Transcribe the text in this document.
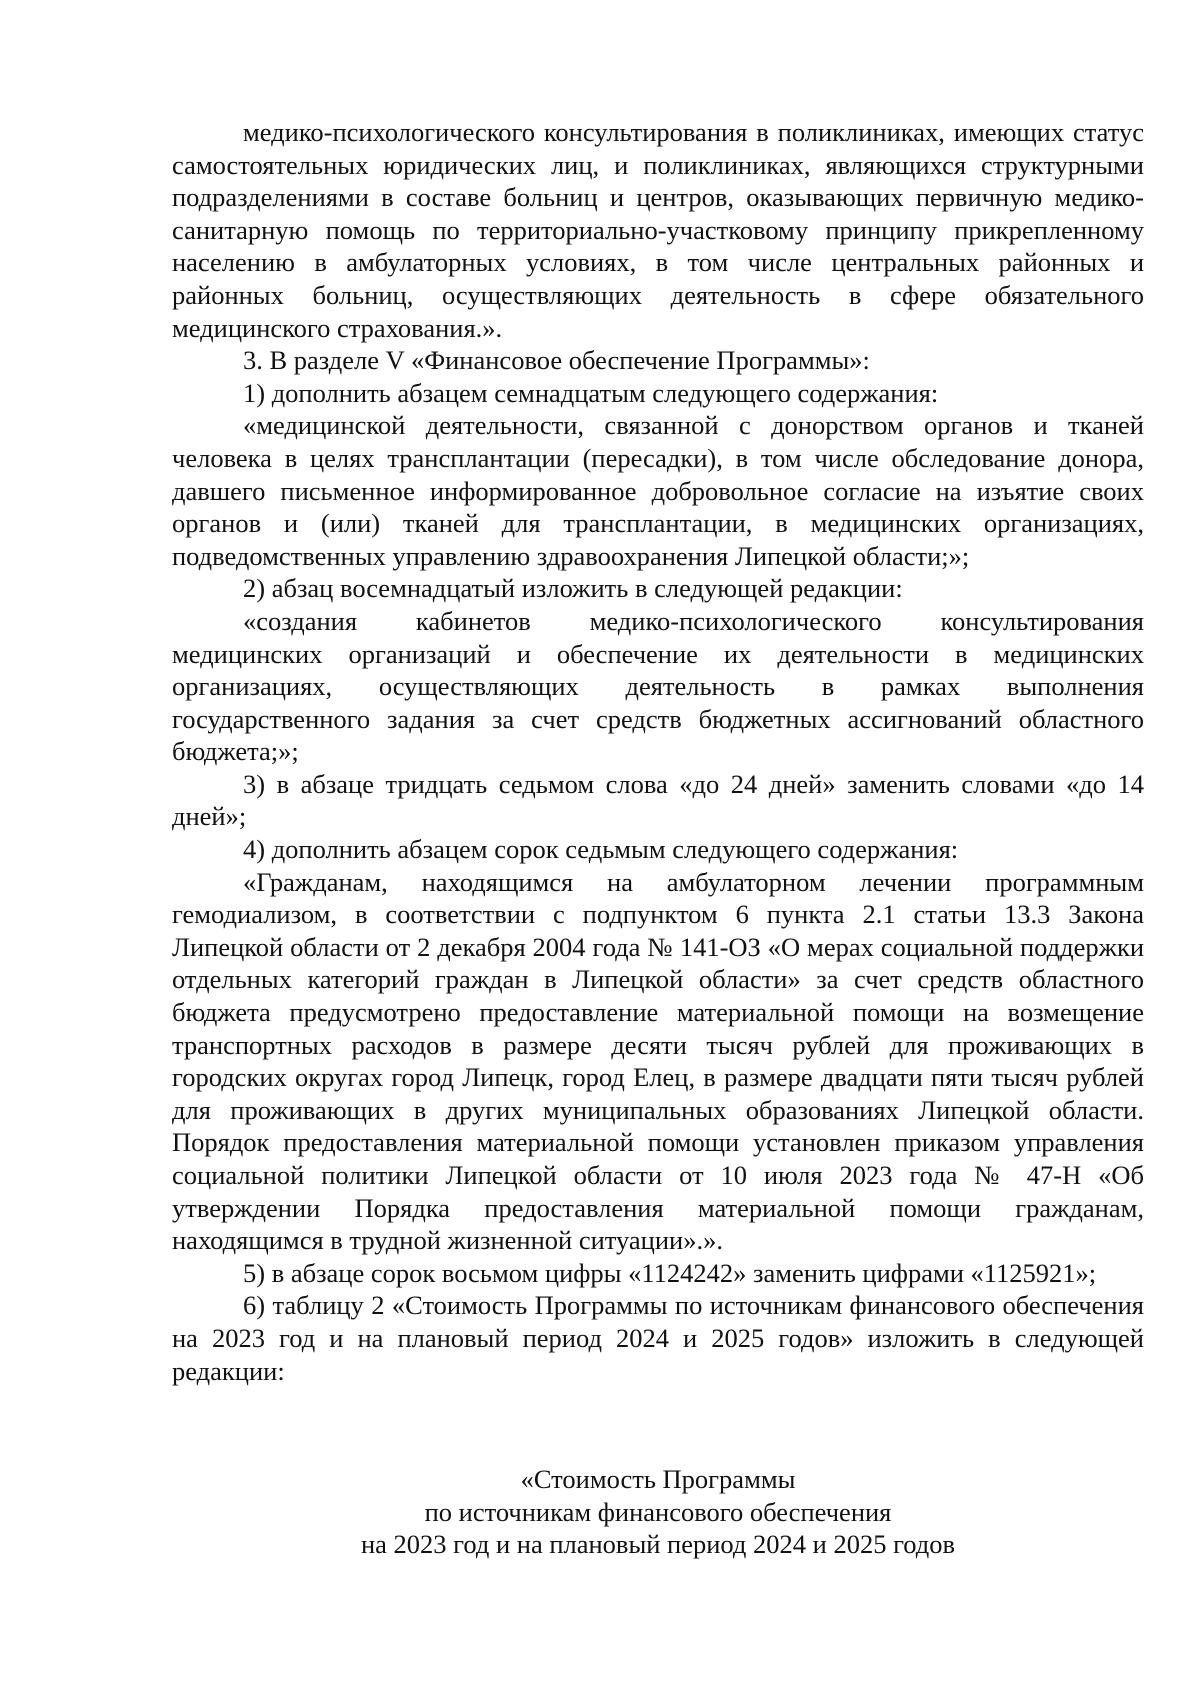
медико-психологического консультирования в поликлиниках, имеющих статус самостоятельных юридических лиц, и поликлиниках, являющихся структурными подразделениями в составе больниц и центров, оказывающих первичную медико-санитарную помощь по территориально-участковому принципу прикрепленному населению в амбулаторных условиях, в том числе центральных районных и районных больниц, осуществляющих деятельность в сфере обязательного медицинского страхования.».

3. В разделе V «Финансовое обеспечение Программы»:

1) дополнить абзацем семнадцатым следующего содержания:

«медицинской деятельности, связанной с донорством органов и тканей человека в целях трансплантации (пересадки), в том числе обследование донора, давшего письменное информированное добровольное согласие на изъятие своих органов и (или) тканей для трансплантации, в медицинских организациях, подведомственных управлению здравоохранения Липецкой области;»;

2) абзац восемнадцатый изложить в следующей редакции:

«создания кабинетов медико-психологического консультирования медицинских организаций и обеспечение их деятельности в медицинских организациях, осуществляющих деятельность в рамках выполнения государственного задания за счет средств бюджетных ассигнований областного бюджета;»;

3) в абзаце тридцать седьмом слова «до 24 дней» заменить словами «до 14 дней»;

4) дополнить абзацем сорок седьмым следующего содержания:

«Гражданам, находящимся на амбулаторном лечении программным гемодиализом, в соответствии с подпунктом 6 пункта 2.1 статьи 13.3 Закона Липецкой области от 2 декабря 2004 года № 141-ОЗ «О мерах социальной поддержки отдельных категорий граждан в Липецкой области» за счет средств областного бюджета предусмотрено предоставление материальной помощи на возмещение транспортных расходов в размере десяти тысяч рублей для проживающих в городских округах город Липецк, город Елец, в размере двадцати пяти тысяч рублей для проживающих в других муниципальных образованиях Липецкой области. Порядок предоставления материальной помощи установлен приказом управления социальной политики Липецкой области от 10 июля 2023 года № 47-Н «Об утверждении Порядка предоставления материальной помощи гражданам, находящимся в трудной жизненной ситуации».».

5) в абзаце сорок восьмом цифры «1124242» заменить цифрами «1125921»;

6) таблицу 2 «Стоимость Программы по источникам финансового обеспечения на 2023 год и на плановый период 2024 и 2025 годов» изложить в следующей редакции:

«Стоимость Программы
по источникам финансового обеспечения
на 2023 год и на плановый период 2024 и 2025 годов
